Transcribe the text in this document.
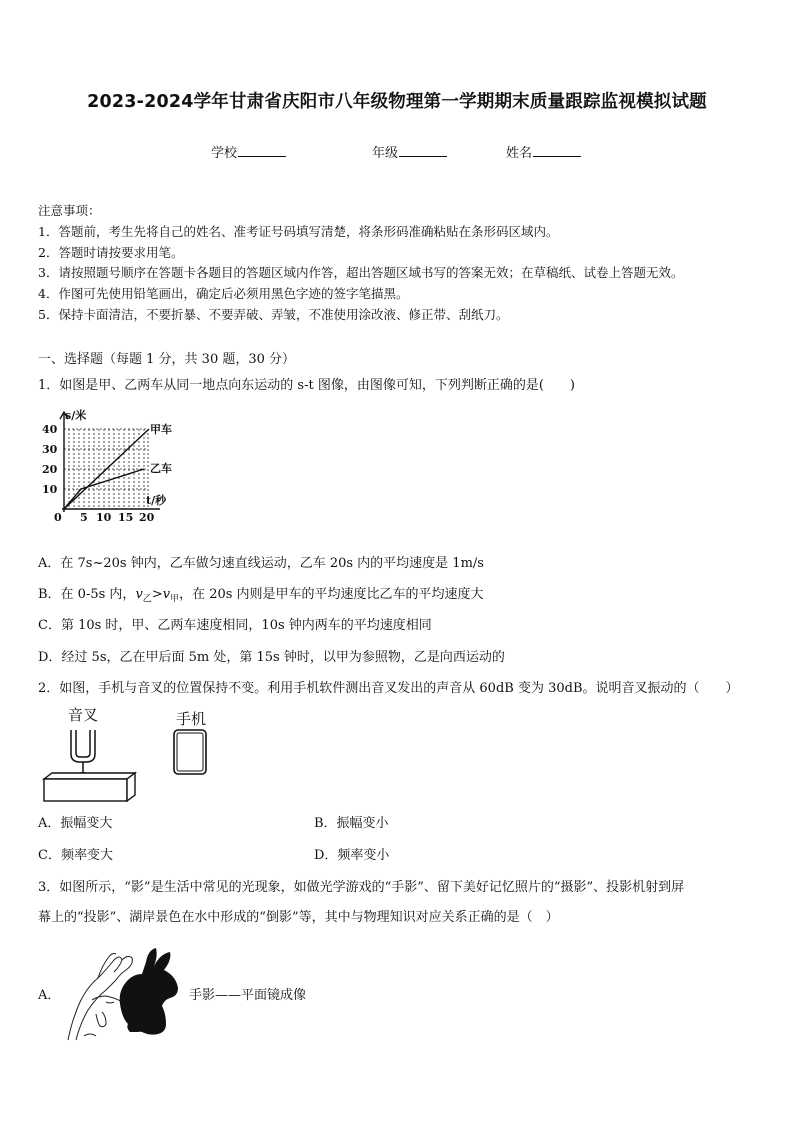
2023-2024学年甘肃省庆阳市八年级物理第一学期期末质量跟踪监视模拟试题
学校	年级	姓名
注意事项：
1．答题前，考生先将自己的姓名、准考证号码填写清楚，将条形码准确粘贴在条形码区域内。
2．答题时请按要求用笔。
3．请按照题号顺序在答题卡各题目的答题区域内作答，超出答题区域书写的答案无效；在草稿纸、试卷上答题无效。
4．作图可先使用铅笔画出，确定后必须用黑色字迹的签字笔描黑。
5．保持卡面清洁，不要折暴、不要弄破、弄皱，不准使用涂改液、修正带、刮纸刀。
一、选择题（每题 1 分，共 30 题，30 分）
1．如图是甲、乙两车从同一地点向东运动的 s-t 图像，由图像可知，下列判断正确的是(　　)
s/米
t/秒
10
20
30
40
0 5 10 15 20
甲车
乙车
A．在 7s~20s 钟内，乙车做匀速直线运动，乙车 20s 内的平均速度是 1m/s
B．在 0-5s 内，$v_乙>v_甲$，在 20s 内则是甲车的平均速度比乙车的平均速度大
C．第 10s 时，甲、乙两车速度相同，10s 钟内两车的平均速度相同
D．经过 5s，乙在甲后面 5m 处，第 15s 钟时，以甲为参照物，乙是向西运动的
2．如图，手机与音叉的位置保持不变。利用手机软件测出音叉发出的声音从 60dB 变为 30dB。说明音叉振动的（　　）
音叉	手机
A．振幅变大	B．振幅变小
C．频率变大	D．频率变小
3．如图所示，“影”是生活中常见的光现象，如做光学游戏的“手影”、留下美好记忆照片的“摄影”、投影机射到屏
幕上的“投影”、湖岸景色在水中形成的“倒影”等，其中与物理知识对应关系正确的是（　）
A．	手影——平面镜成像
